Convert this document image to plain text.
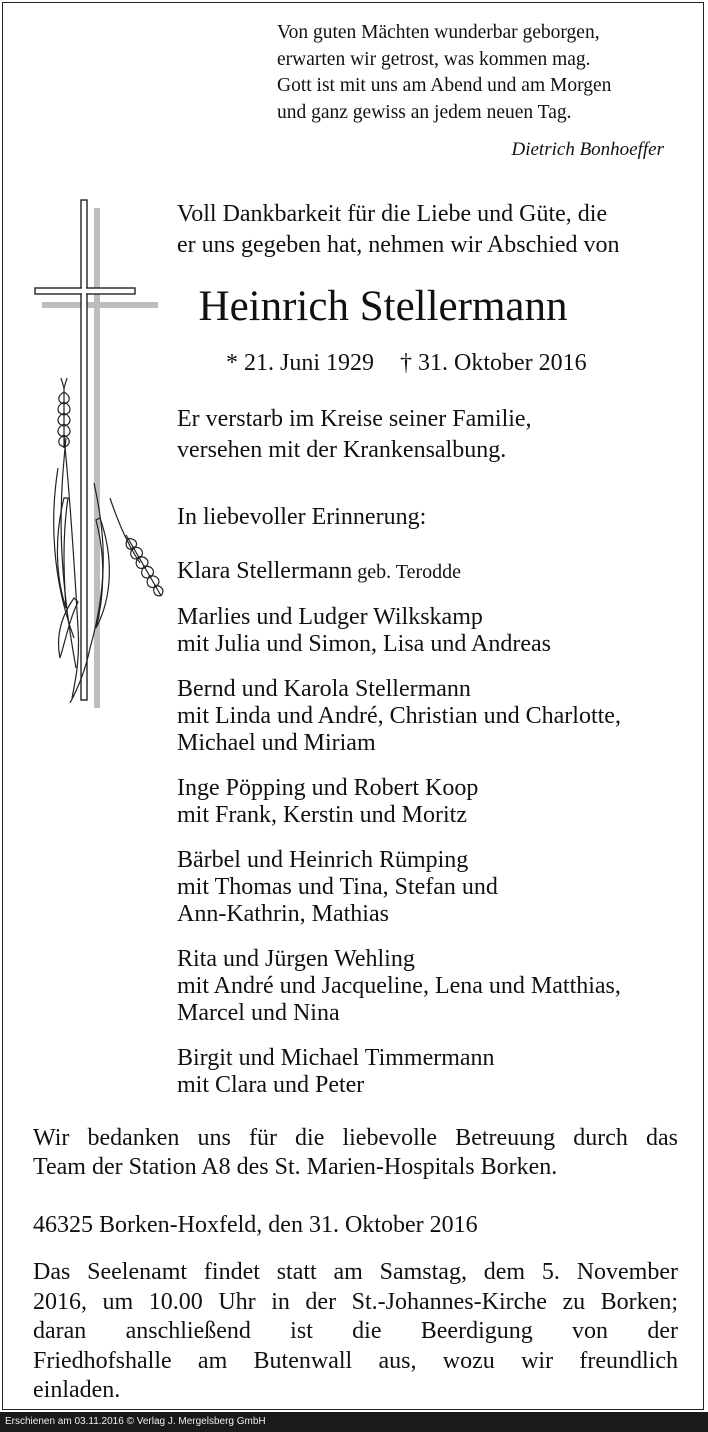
Von guten Mächten wunderbar geborgen,
erwarten wir getrost, was kommen mag.
Gott ist mit uns am Abend und am Morgen
und ganz gewiss an jedem neuen Tag.
Dietrich Bonhoeffer
Voll Dankbarkeit für die Liebe und Güte, die
er uns gegeben hat, nehmen wir Abschied von
Heinrich Stellermann
* 21. Juni 1929 † 31. Oktober 2016
Er verstarb im Kreise seiner Familie,
versehen mit der Krankensalbung.
In liebevoller Erinnerung:
Klara Stellermann geb. Terodde
Marlies und Ludger Wilkskamp
mit Julia und Simon, Lisa und Andreas
Bernd und Karola Stellermann
mit Linda und André, Christian und Charlotte,
Michael und Miriam
Inge Pöpping und Robert Koop
mit Frank, Kerstin und Moritz
Bärbel und Heinrich Rümping
mit Thomas und Tina, Stefan und
Ann-Kathrin, Mathias
Rita und Jürgen Wehling
mit André und Jacqueline, Lena und Matthias,
Marcel und Nina
Birgit und Michael Timmermann
mit Clara und Peter
Wir bedanken uns für die liebevolle Betreuung durch das
Team der Station A8 des St. Marien-Hospitals Borken.
46325 Borken-Hoxfeld, den 31. Oktober 2016
Das Seelenamt findet statt am Samstag, dem 5. November
2016, um 10.00 Uhr in der St.-Johannes-Kirche zu Borken;
daran anschließend ist die Beerdigung von der
Friedhofshalle am Butenwall aus, wozu wir freundlich
einladen.
Erschienen am 03.11.2016 © Verlag J. Mergelsberg GmbH
